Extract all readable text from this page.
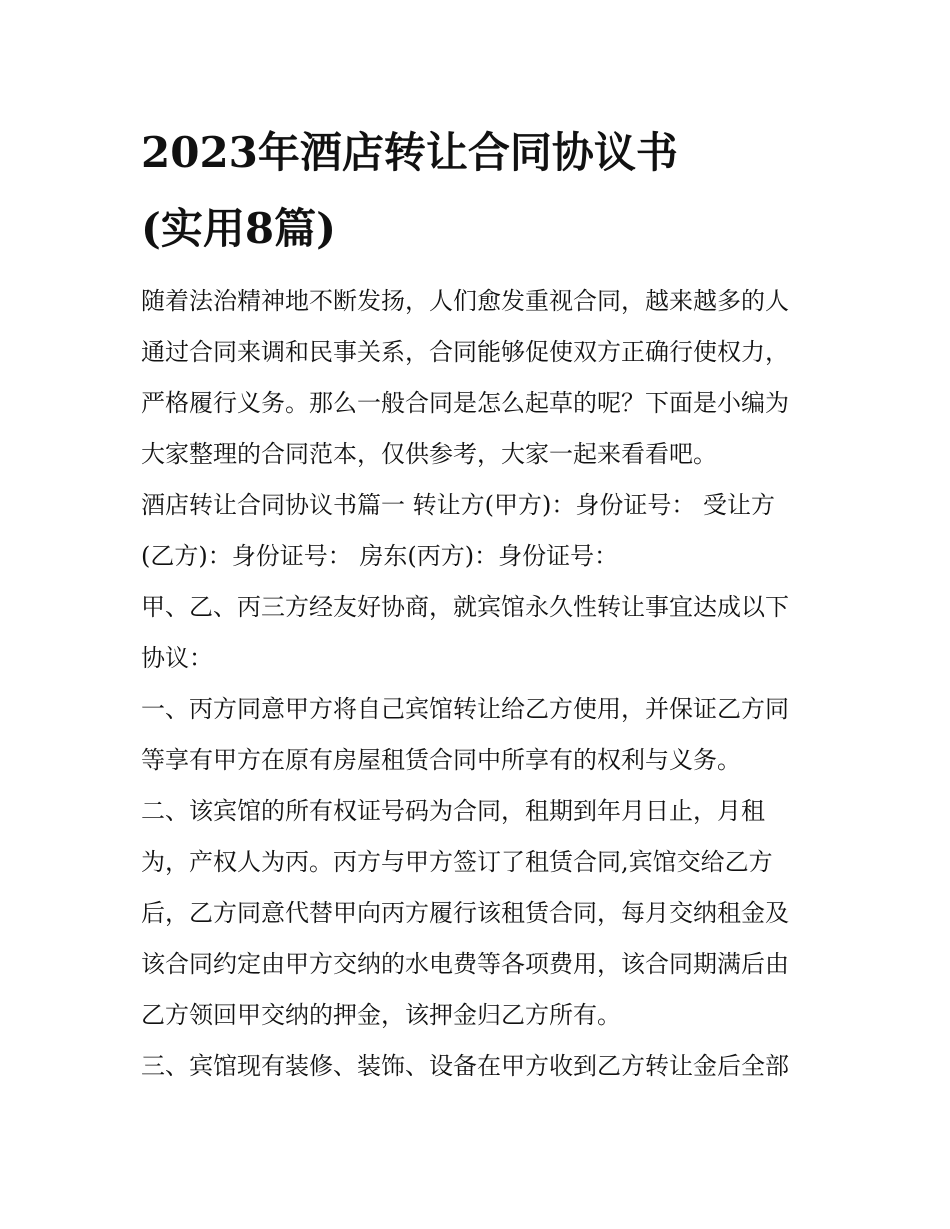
2023年酒店转让合同协议书
(实用8篇)

随着法治精神地不断发扬，人们愈发重视合同，越来越多的人
通过合同来调和民事关系，合同能够促使双方正确行使权力，
严格履行义务。那么一般合同是怎么起草的呢？下面是小编为
大家整理的合同范本，仅供参考，大家一起来看看吧。

酒店转让合同协议书篇一 转让方(甲方)：身份证号： 受让方
(乙方)：身份证号： 房东(丙方)：身份证号：

甲、乙、丙三方经友好协商，就宾馆永久性转让事宜达成以下
协议：

一、丙方同意甲方将自己宾馆转让给乙方使用，并保证乙方同
等享有甲方在原有房屋租赁合同中所享有的权利与义务。

二、该宾馆的所有权证号码为合同，租期到年月日止，月租
为，产权人为丙。丙方与甲方签订了租赁合同,宾馆交给乙方
后，乙方同意代替甲向丙方履行该租赁合同，每月交纳租金及
该合同约定由甲方交纳的水电费等各项费用，该合同期满后由
乙方领回甲交纳的押金，该押金归乙方所有。

三、宾馆现有装修、装饰、设备在甲方收到乙方转让金后全部
